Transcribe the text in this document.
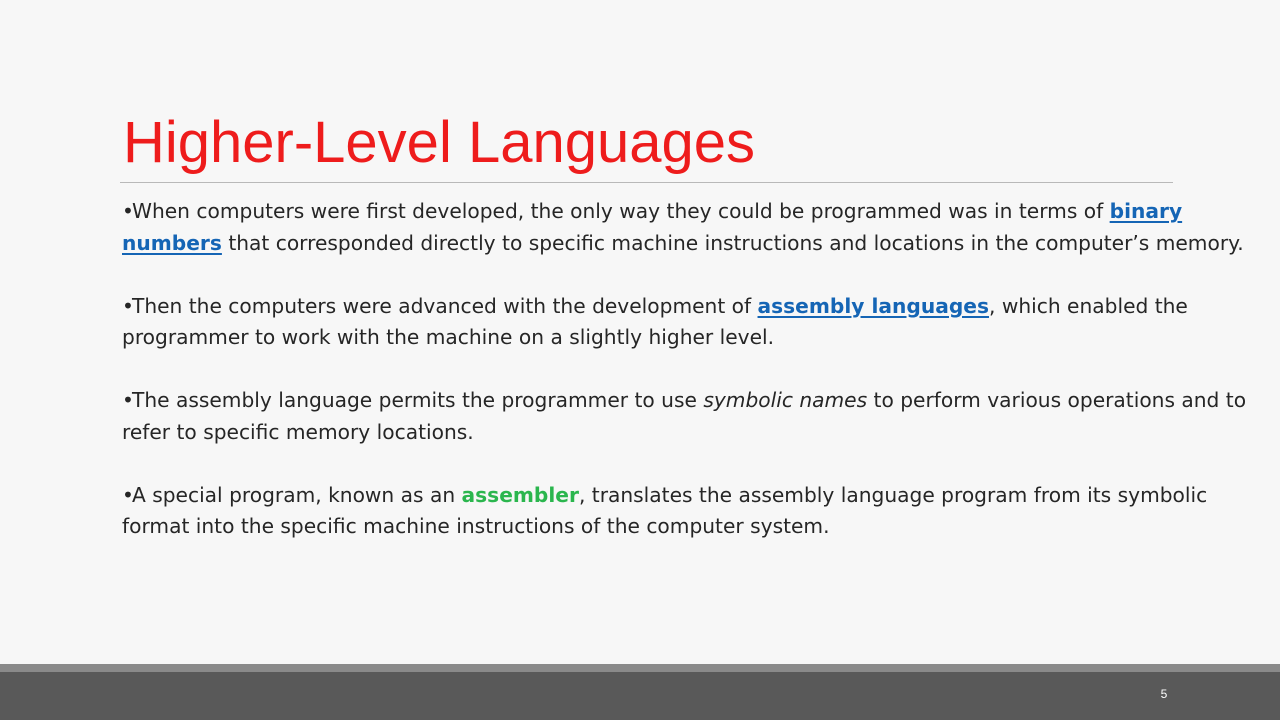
Higher-Level Languages

•
When computers were first developed, the only way they could be programmed was in terms of binary numbers that corresponded directly to specific machine instructions and locations in the computer’s memory.

•
Then the computers were advanced with the development of assembly languages, which enabled the programmer to work with the machine on a slightly higher level.

•
The assembly language permits the programmer to use symbolic names to perform various operations and to refer to specific memory locations.

•
A special program, known as an assembler, translates the assembly language program from its symbolic format into the specific machine instructions of the computer system.

5
